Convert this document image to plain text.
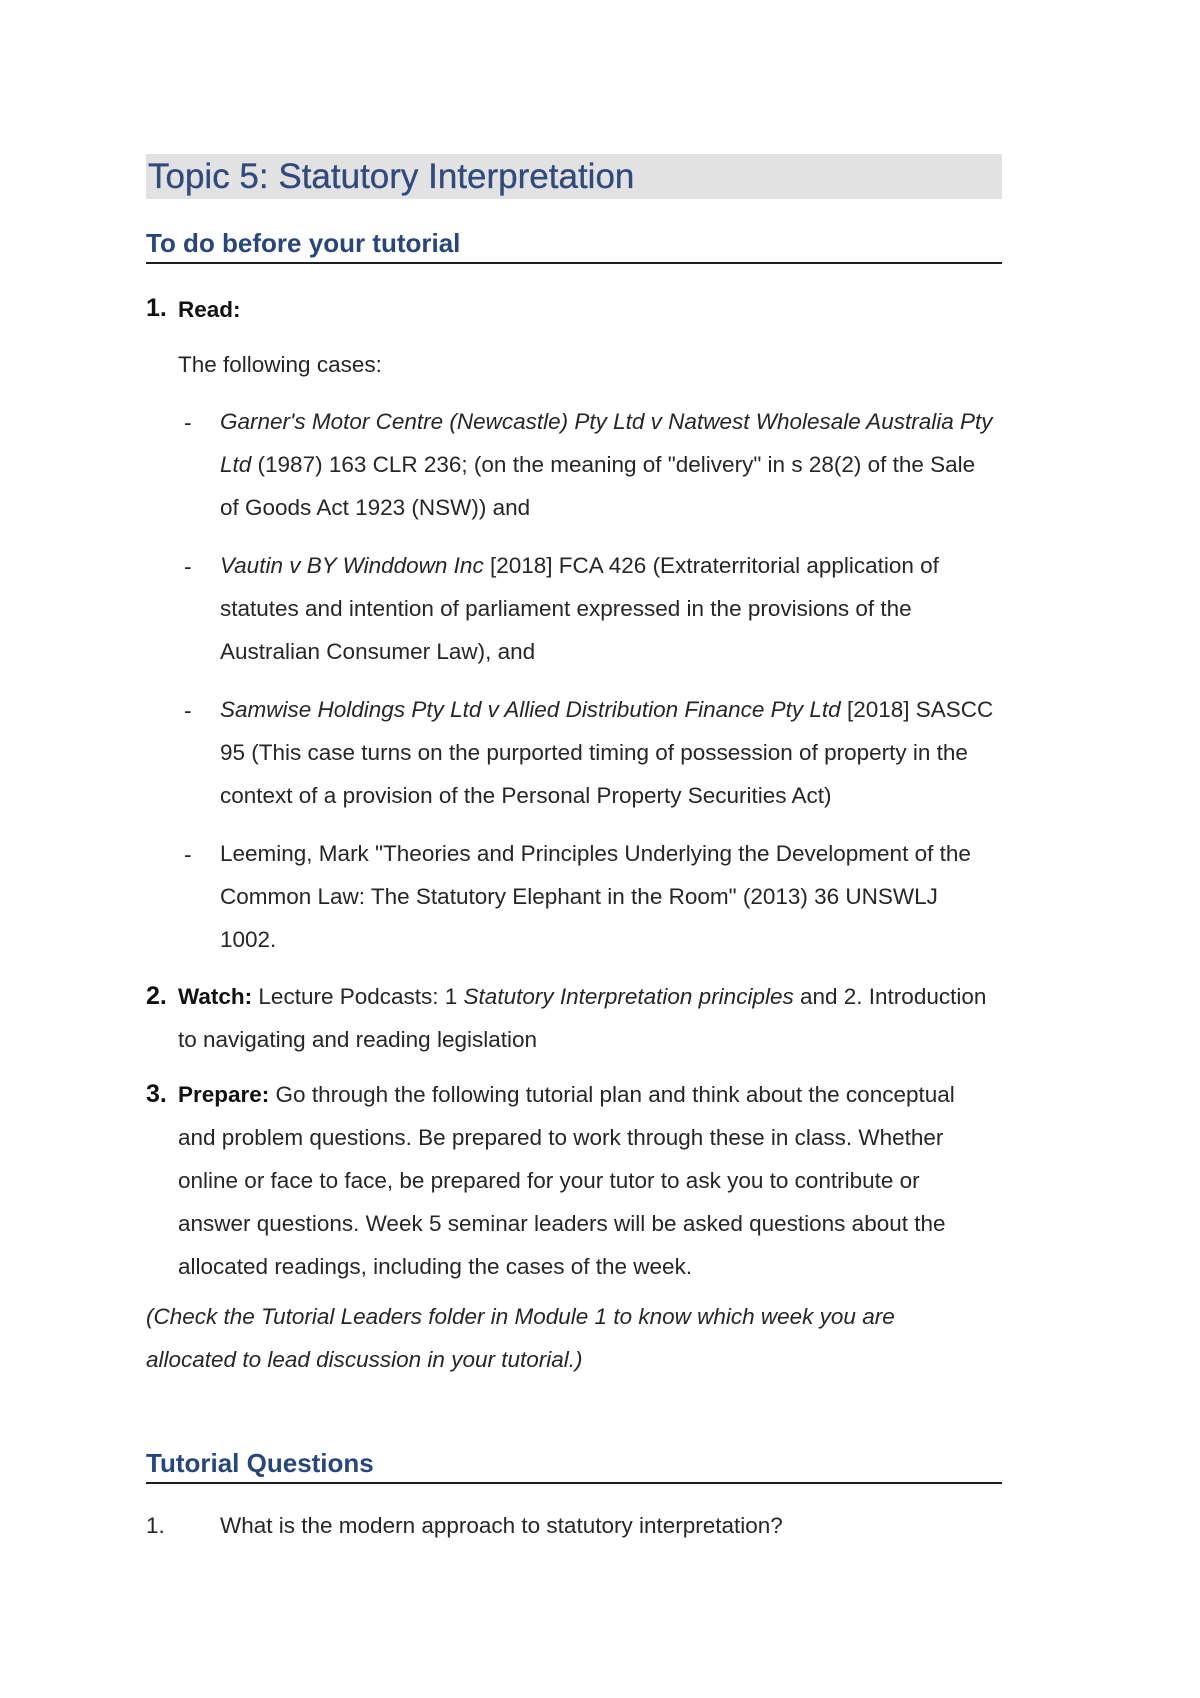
Topic 5: Statutory Interpretation
To do before your tutorial
1. Read:
The following cases:
- Garner's Motor Centre (Newcastle) Pty Ltd v Natwest Wholesale Australia Pty
Ltd (1987) 163 CLR 236; (on the meaning of "delivery" in s 28(2) of the Sale
of Goods Act 1923 (NSW)) and
- Vautin v BY Winddown Inc [2018] FCA 426 (Extraterritorial application of
statutes and intention of parliament expressed in the provisions of the
Australian Consumer Law), and
- Samwise Holdings Pty Ltd v Allied Distribution Finance Pty Ltd [2018] SASCC
95 (This case turns on the purported timing of possession of property in the
context of a provision of the Personal Property Securities Act)
- Leeming, Mark "Theories and Principles Underlying the Development of the
Common Law: The Statutory Elephant in the Room" (2013) 36 UNSWLJ
1002.
2. Watch: Lecture Podcasts: 1 Statutory Interpretation principles and 2. Introduction
to navigating and reading legislation
3. Prepare: Go through the following tutorial plan and think about the conceptual
and problem questions. Be prepared to work through these in class. Whether
online or face to face, be prepared for your tutor to ask you to contribute or
answer questions. Week 5 seminar leaders will be asked questions about the
allocated readings, including the cases of the week.
(Check the Tutorial Leaders folder in Module 1 to know which week you are
allocated to lead discussion in your tutorial.)
Tutorial Questions
1. What is the modern approach to statutory interpretation?
